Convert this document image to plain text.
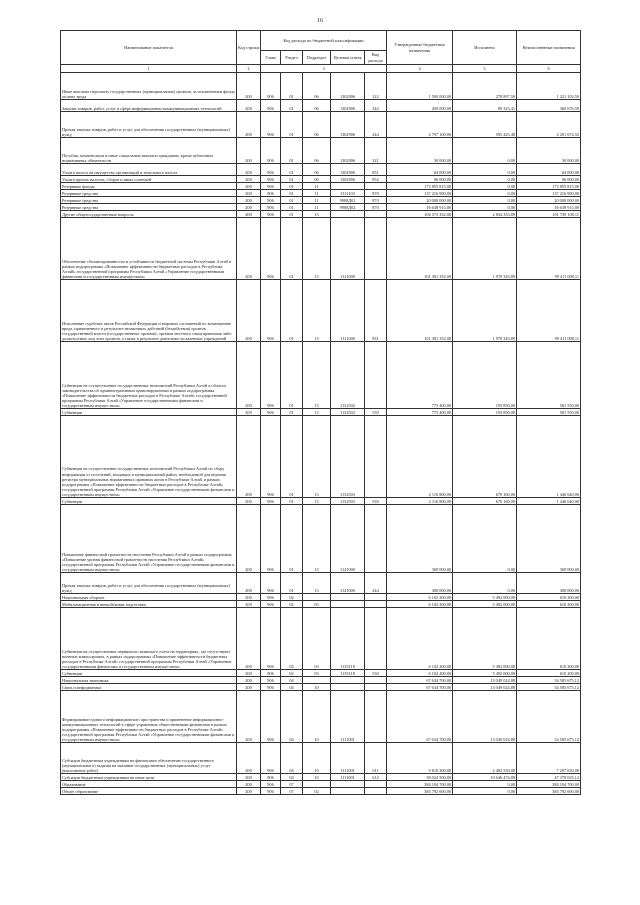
16
Наименование показателя	Код строки	Код расхода по бюджетной классификации					Утвержденные бюджетные назначения	Исполнено	Неисполненные назначения
		Глава	Раздел	Подраздел	Целевая статья	Вид расхода			
1	2	3					4	5	6
Иные выплаты персоналу государственных (муниципальных) органов, за исключением фонда оплаты труда	200	906	01	06	1302906	122	1 500 000,00	278 897,50	1 221 102,50
Закупка товаров, работ, услуг в сфере информационно-коммуникационных технологий	200	906	01	06	1302906	242	450 000,00	89 323,41	360 676,59
Прочая закупка товаров, работ и услуг для обеспечения государственных (муниципальных) нужд	200	906	01	06	1302906	244	4 797 100,00	595 425,48	4 201 674,52
Пособия, компенсации и иные социальные выплаты гражданам, кроме публичных нормативных обязательств	200	906	01	06	1302906	321	30 000,00	0,00	30 000,00
Уплата налога на имущество организаций и земельного налога	200	906	01	06	1302906	851	64 000,00	0,00	64 000,00
Уплата прочих налогов, сборов и иных платежей	200	906	01	06	1302906	852	96 000,00	0,00	96 000,00
Резервные фонды	200	906	01	11			173 855 815,00	0,00	173 855 815,00
Резервные средства	200	906	01	11	1311103	870	137 216 900,00	0,00	137 216 900,00
Резервные средства	200	906	01	11	9900Д01	870	20 000 000,00	0,00	20 000 000,00
Резервные средства	200	906	01	11	9900Д02	870	16 638 915,00	0,00	16 638 915,00
Другие общегосударственные вопросы	200	906	01	13			104 573 352,00	2 834 353,89	101 739 108,11
Обеспечение сбалансированности и устойчивости бюджетной системы Республики Алтай в рамках подпрограммы «Повышение эффективности бюджетных расходов в Республике Алтай» государственной программы Республики Алтай «Управление государственными финансами и государственным имуществом»	200	906	01	13	1311000		101 381 352,00	1 970 343,89	99 411 008,11
Исполнение судебных актов Российской Федерации и мировых соглашений по возмещению вреда, причиненного в результате незаконных действий (бездействия) органов государственной власти (государственных органов), органов местного самоуправления либо должностных лиц этих органов, а также в результате деятельности казенных учреждений	200	906	01	13	1311000	831	101 381 352,00	1 970 343,89	99 411 008,11
Субвенции на осуществление государственных полномочий Республики Алтай в области законодательства об административных правонарушениях в рамках подпрограммы «Повышение эффективности бюджетных расходов в Республике Алтай» государственной программы Республики Алтай «Управление государственными финансами и государственным имуществом»	200	906	01	13	1132502		775 400,00	193 850,00	581 550,00
Субвенции	200	906	01	13	1132502	530	775 400,00	193 850,00	581 550,00
Субвенции на осуществление государственных полномочий Республики Алтай по сбору информации от поселений, входящих в муниципальный район, необходимой для ведения регистра муниципальных нормативных правовых актов в Республике Алтай, в рамках подпрограммы «Повышение эффективности бюджетных расходов в Республике Алтай» государственной программы Республики Алтай «Управление государственными финансами и государственным имуществом»	200	906	01	13	1132503		2 116 800,00	670 160,00	1 446 640,00
Субвенции	200	906	01	13	1132503	530	2 116 800,00	670 160,00	1 446 640,00
Повышение финансовой грамотности населения Республики Алтай в рамках подпрограммы «Повышение уровня финансовой грамотности населения Республики Алтай» государственной программы Республики Алтай «Управление государственными финансами и государственным имуществом»	200	906	01	13	1121000		300 000,00	0,00	300 000,00
Прочая закупка товаров, работ и услуг для обеспечения государственных (муниципальных) нужд	200	906	01	13	1121000	244	300 000,00	0,00	300 000,00
Национальная оборона	200	906	02				6 102 200,00	5 492 000,00	610 200,00
Мобилизационная и вневойсковая подготовка	200	906	02	03			6 102 200,00	5 492 000,00	610 200,00
Субвенции на осуществление первичного воинского учета на территориях, где отсутствуют военные комиссариаты, в рамках подпрограммы «Повышение эффективности бюджетных расходов в Республике Алтай» государственной программы Республики Алтай «Управление государственными финансами и государственным имуществом»	200	906	02	03	1135118		6 102 200,00	5 492 000,00	610 200,00
Субвенции	200	906	02	03	1135118	530	6 102 200,00	5 492 000,00	610 200,00
Национальная экономика	200	906	04				67 634 700,00	13 049 024,88	54 585 675,12
Связь и информатика	200	906	04	10			67 634 700,00	13 049 024,88	54 585 675,12
Формирование единого информационного пространства и применение информационно-коммуникационных технологий в сфере управления общественными финансами в рамках подпрограммы «Повышение эффективности бюджетных расходов в Республике Алтай» государственной программы Республики Алтай «Управление государственными финансами и государственным имуществом»	200	906	04	10	1111001		67 634 700,00	13 049 024,88	54 585 675,12
Субсидии бюджетным учреждениям на финансовое обеспечение государственного (муниципального) задания на оказание государственных (муниципальных) услуг (выполнение работ)	200	906	04	10	1111001	611	9 610 200,00	2 402 550,00	7 207 650,00
Субсидии бюджетным учреждениям на иные цели	200	906	04	10	1111001	612	58 024 500,00	10 646 474,88	47 378 025,12
Образование	200	906	07				384 194 700,00	0,00	384 194 700,00
Общее образование	200	906	07	02			383 792 600,00	0,00	383 792 600,00
